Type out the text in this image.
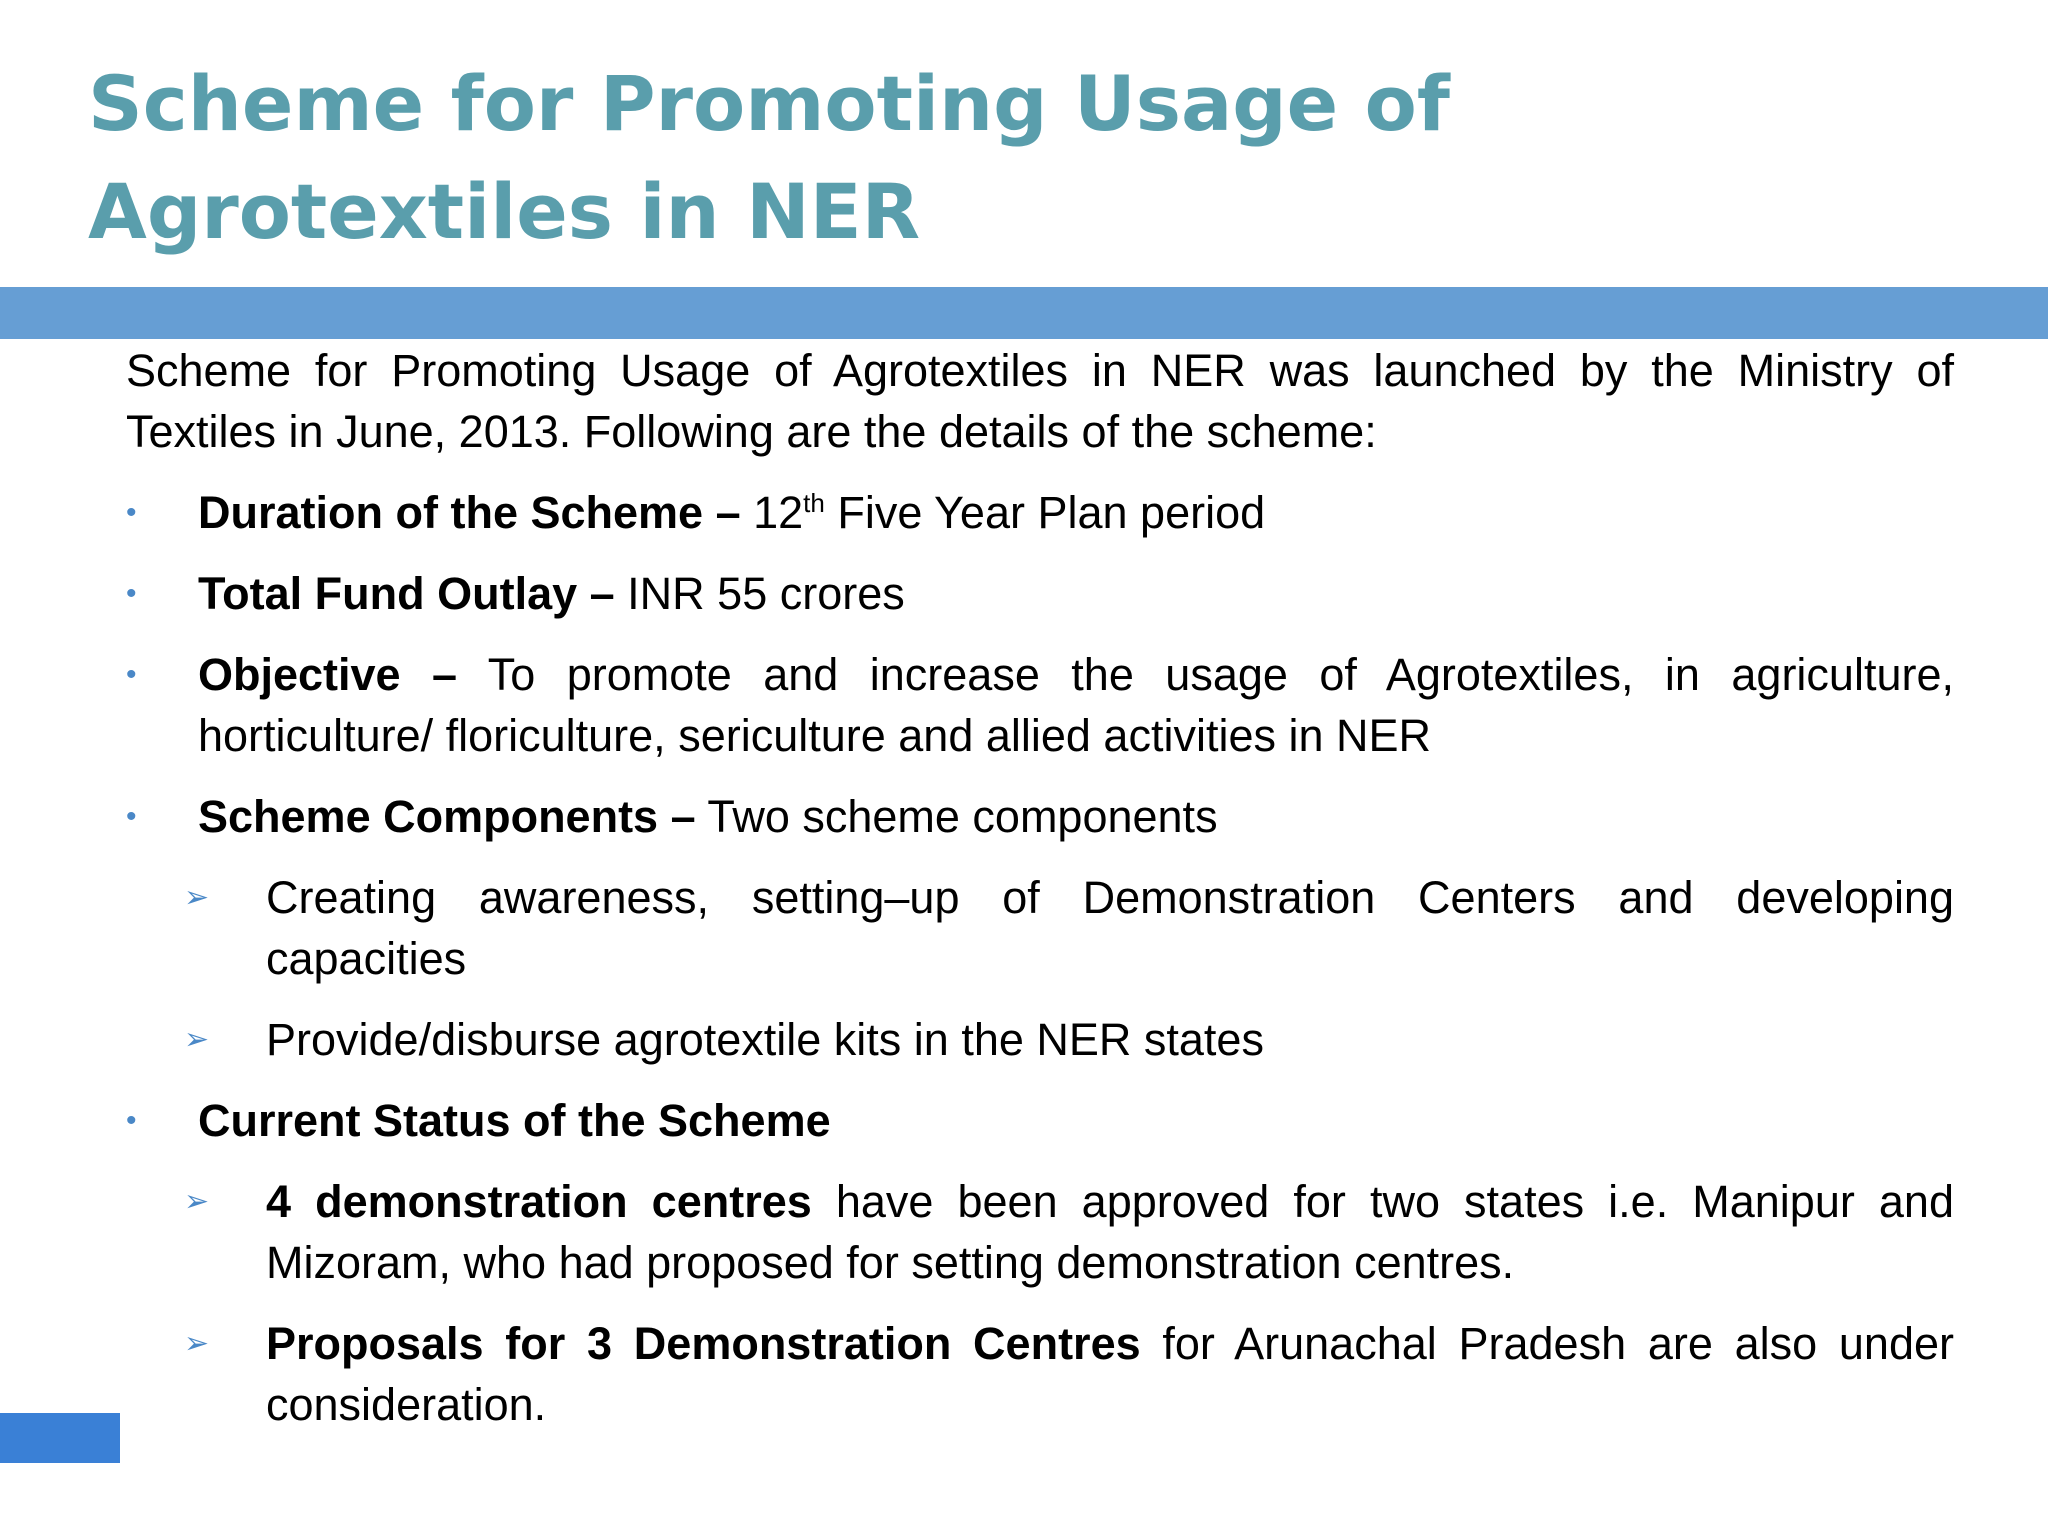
Scheme for Promoting Usage of Agrotextiles in NER

Scheme for Promoting Usage of Agrotextiles in NER was launched by the Ministry of Textiles in June, 2013. Following are the details of the scheme:

• Duration of the Scheme – 12th Five Year Plan period
• Total Fund Outlay – INR 55 crores
• Objective – To promote and increase the usage of Agrotextiles, in agriculture, horticulture/ floriculture, sericulture and allied activities in NER
• Scheme Components – Two scheme components
➢ Creating awareness, setting–up of Demonstration Centers and developing capacities
➢ Provide/disburse agrotextile kits in the NER states
• Current Status of the Scheme
➢ 4 demonstration centres have been approved for two states i.e. Manipur and Mizoram, who had proposed for setting demonstration centres.
➢ Proposals for 3 Demonstration Centres for Arunachal Pradesh are also under consideration.
